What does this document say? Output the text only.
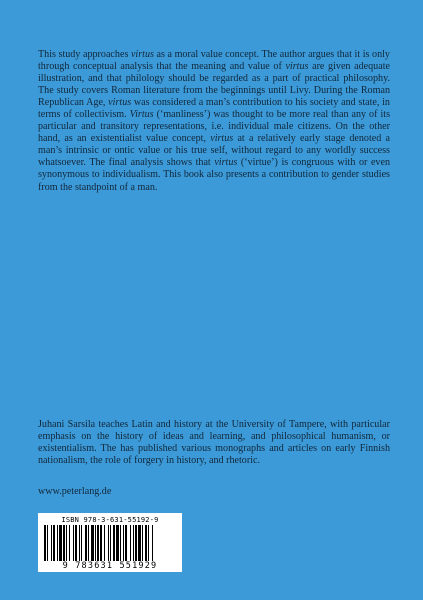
This study approaches virtus as a moral value concept. The author argues that it is only through conceptual analysis that the meaning and value of virtus are given adequate illustration, and that philology should be regarded as a part of practical philosophy. The study covers Roman literature from the beginnings until Livy. During the Roman Republican Age, virtus was considered a man’s contribution to his society and state, in terms of collectivism. Virtus (‘manliness’) was thought to be more real than any of its particular and transitory representations, i.e. individual male citizens. On the other hand, as an existentialist value concept, virtus at a relatively early stage denoted a man’s intrinsic or ontic value or his true self, without regard to any worldly success whatsoever. The final analysis shows that virtus (‘virtue’) is congruous with or even synonymous to individualism. This book also presents a contribution to gender studies from the standpoint of a man.

Juhani Sarsila teaches Latin and history at the University of Tampere, with particular emphasis on the history of ideas and learning, and philosophical humanism, or existentialism. The has published various monographs and articles on early Finnish nationalism, the role of forgery in history, and rhetoric.

www.peterlang.de
ISBN 978-3-631-55192-9
9 783631 551929
